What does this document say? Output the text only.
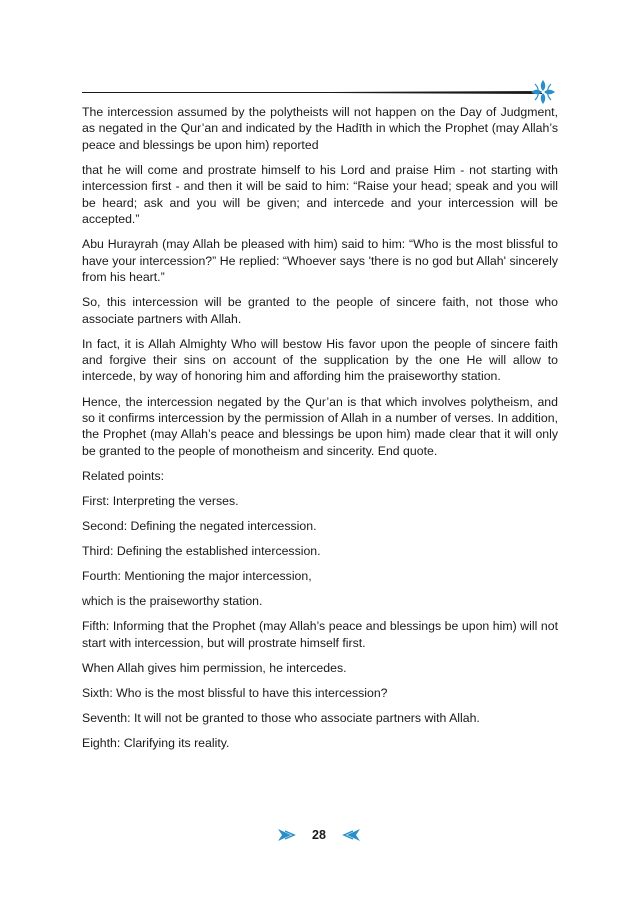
The intercession assumed by the polytheists will not happen on the Day of Judgment, as negated in the Qur’an and indicated by the Hadīth in which the Prophet (may Allah’s peace and blessings be upon him) reported

that he will come and prostrate himself to his Lord and praise Him - not starting with intercession first - and then it will be said to him: “Raise your head; speak and you will be heard; ask and you will be given; and intercede and your intercession will be accepted.”

Abu Hurayrah (may Allah be pleased with him) said to him: “Who is the most blissful to have your intercession?” He replied: “Whoever says 'there is no god but Allah' sincerely from his heart.”

So, this intercession will be granted to the people of sincere faith, not those who associate partners with Allah.

In fact, it is Allah Almighty Who will bestow His favor upon the people of sincere faith and forgive their sins on account of the supplication by the one He will allow to intercede, by way of honoring him and affording him the praiseworthy station.

Hence, the intercession negated by the Qur’an is that which involves polytheism, and so it confirms intercession by the permission of Allah in a number of verses. In addition, the Prophet (may Allah’s peace and blessings be upon him) made clear that it will only be granted to the people of monotheism and sincerity. End quote.

Related points:

First: Interpreting the verses.

Second: Defining the negated intercession.

Third: Defining the established intercession.

Fourth: Mentioning the major intercession,

which is the praiseworthy station.

Fifth: Informing that the Prophet (may Allah’s peace and blessings be upon him) will not start with intercession, but will prostrate himself first.

When Allah gives him permission, he intercedes.

Sixth: Who is the most blissful to have this intercession?

Seventh: It will not be granted to those who associate partners with Allah.

Eighth: Clarifying its reality.

28
